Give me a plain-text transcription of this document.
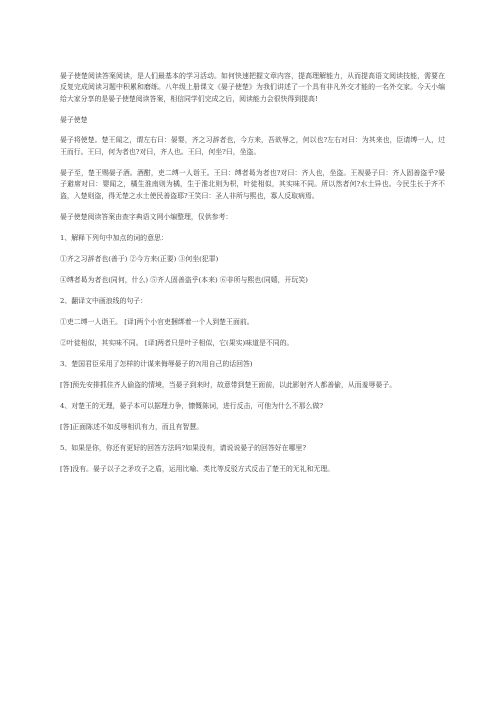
晏子使楚阅读答案阅读，是人们最基本的学习活动。如何快速把握文章内容，提高理解能力，从而提高语文阅读技能，需要在反复完成阅读习题中积累和磨练。八年级上册课文《晏子使楚》为我们讲述了一个具有非凡外交才能的一名外交家。今天小编给大家分享的是晏子使楚阅读答案，相信同学们完成之后，阅读能力会很快得到提高!

晏子使楚

晏子将使楚。楚王闻之，谓左右曰：晏婴，齐之习辞者也，今方来，吾欲辱之，何以也?左右对曰：为其来也，臣请缚一人，过王而行。王曰，何为者也?对曰，齐人也。王曰，何坐?曰，坐盗。

晏子至，楚王赐晏子酒。酒酣，吏二缚一人诣王。王曰：缚者曷为者也?对曰：齐人也，坐盗。王视晏子曰：齐人固善盗乎?晏子避席对曰：婴闻之，橘生淮南则为橘，生于淮北则为枳，叶徒相似，其实味不同。所以然者何?水土异也。今民生长于齐不盗，入楚则盗，得无楚之水土使民善盗耶?王笑曰：圣人非所与熙也，寡人反取病焉。

晏子使楚阅读答案由查字典语文网小编整理，仅供参考：

1、解释下列句中加点的词的意思：

①齐之习辞者也(善于) ②今方来(正要) ③何坐(犯罪)

④缚者曷为者也(同何，什么) ⑤齐人固善盗乎(本来) ⑥非所与熙也(同嬉，开玩笑)

2、翻译文中画浪线的句子：

①吏二缚一人诣王。 [译]两个小官吏捆绑着一个人到楚王面前。

②叶徒相似，其实味不同。 [译]两者只是叶子相似，它(果实)味道是不同的。

3、楚国君臣采用了怎样的计谋来侮辱晏子的?(用自己的话回答)

[答]预先安排抓住齐人偷盗的情境，当晏子到来时，故意带到楚王面前，以此影射齐人都善偷，从而羞辱晏子。

4、对楚王的无理，晏子本可以据理力争，慷慨陈词，进行反击，可他为什么不那么做?

[答]正面陈述不如反辱相讥有力，而且有智慧。

5、如果是你，你还有更好的回答方法吗?如果没有，请说说晏子的回答好在哪里?

[答]没有。晏子以子之矛攻子之盾，运用比喻、类比等反驳方式反击了楚王的无礼和无理。
